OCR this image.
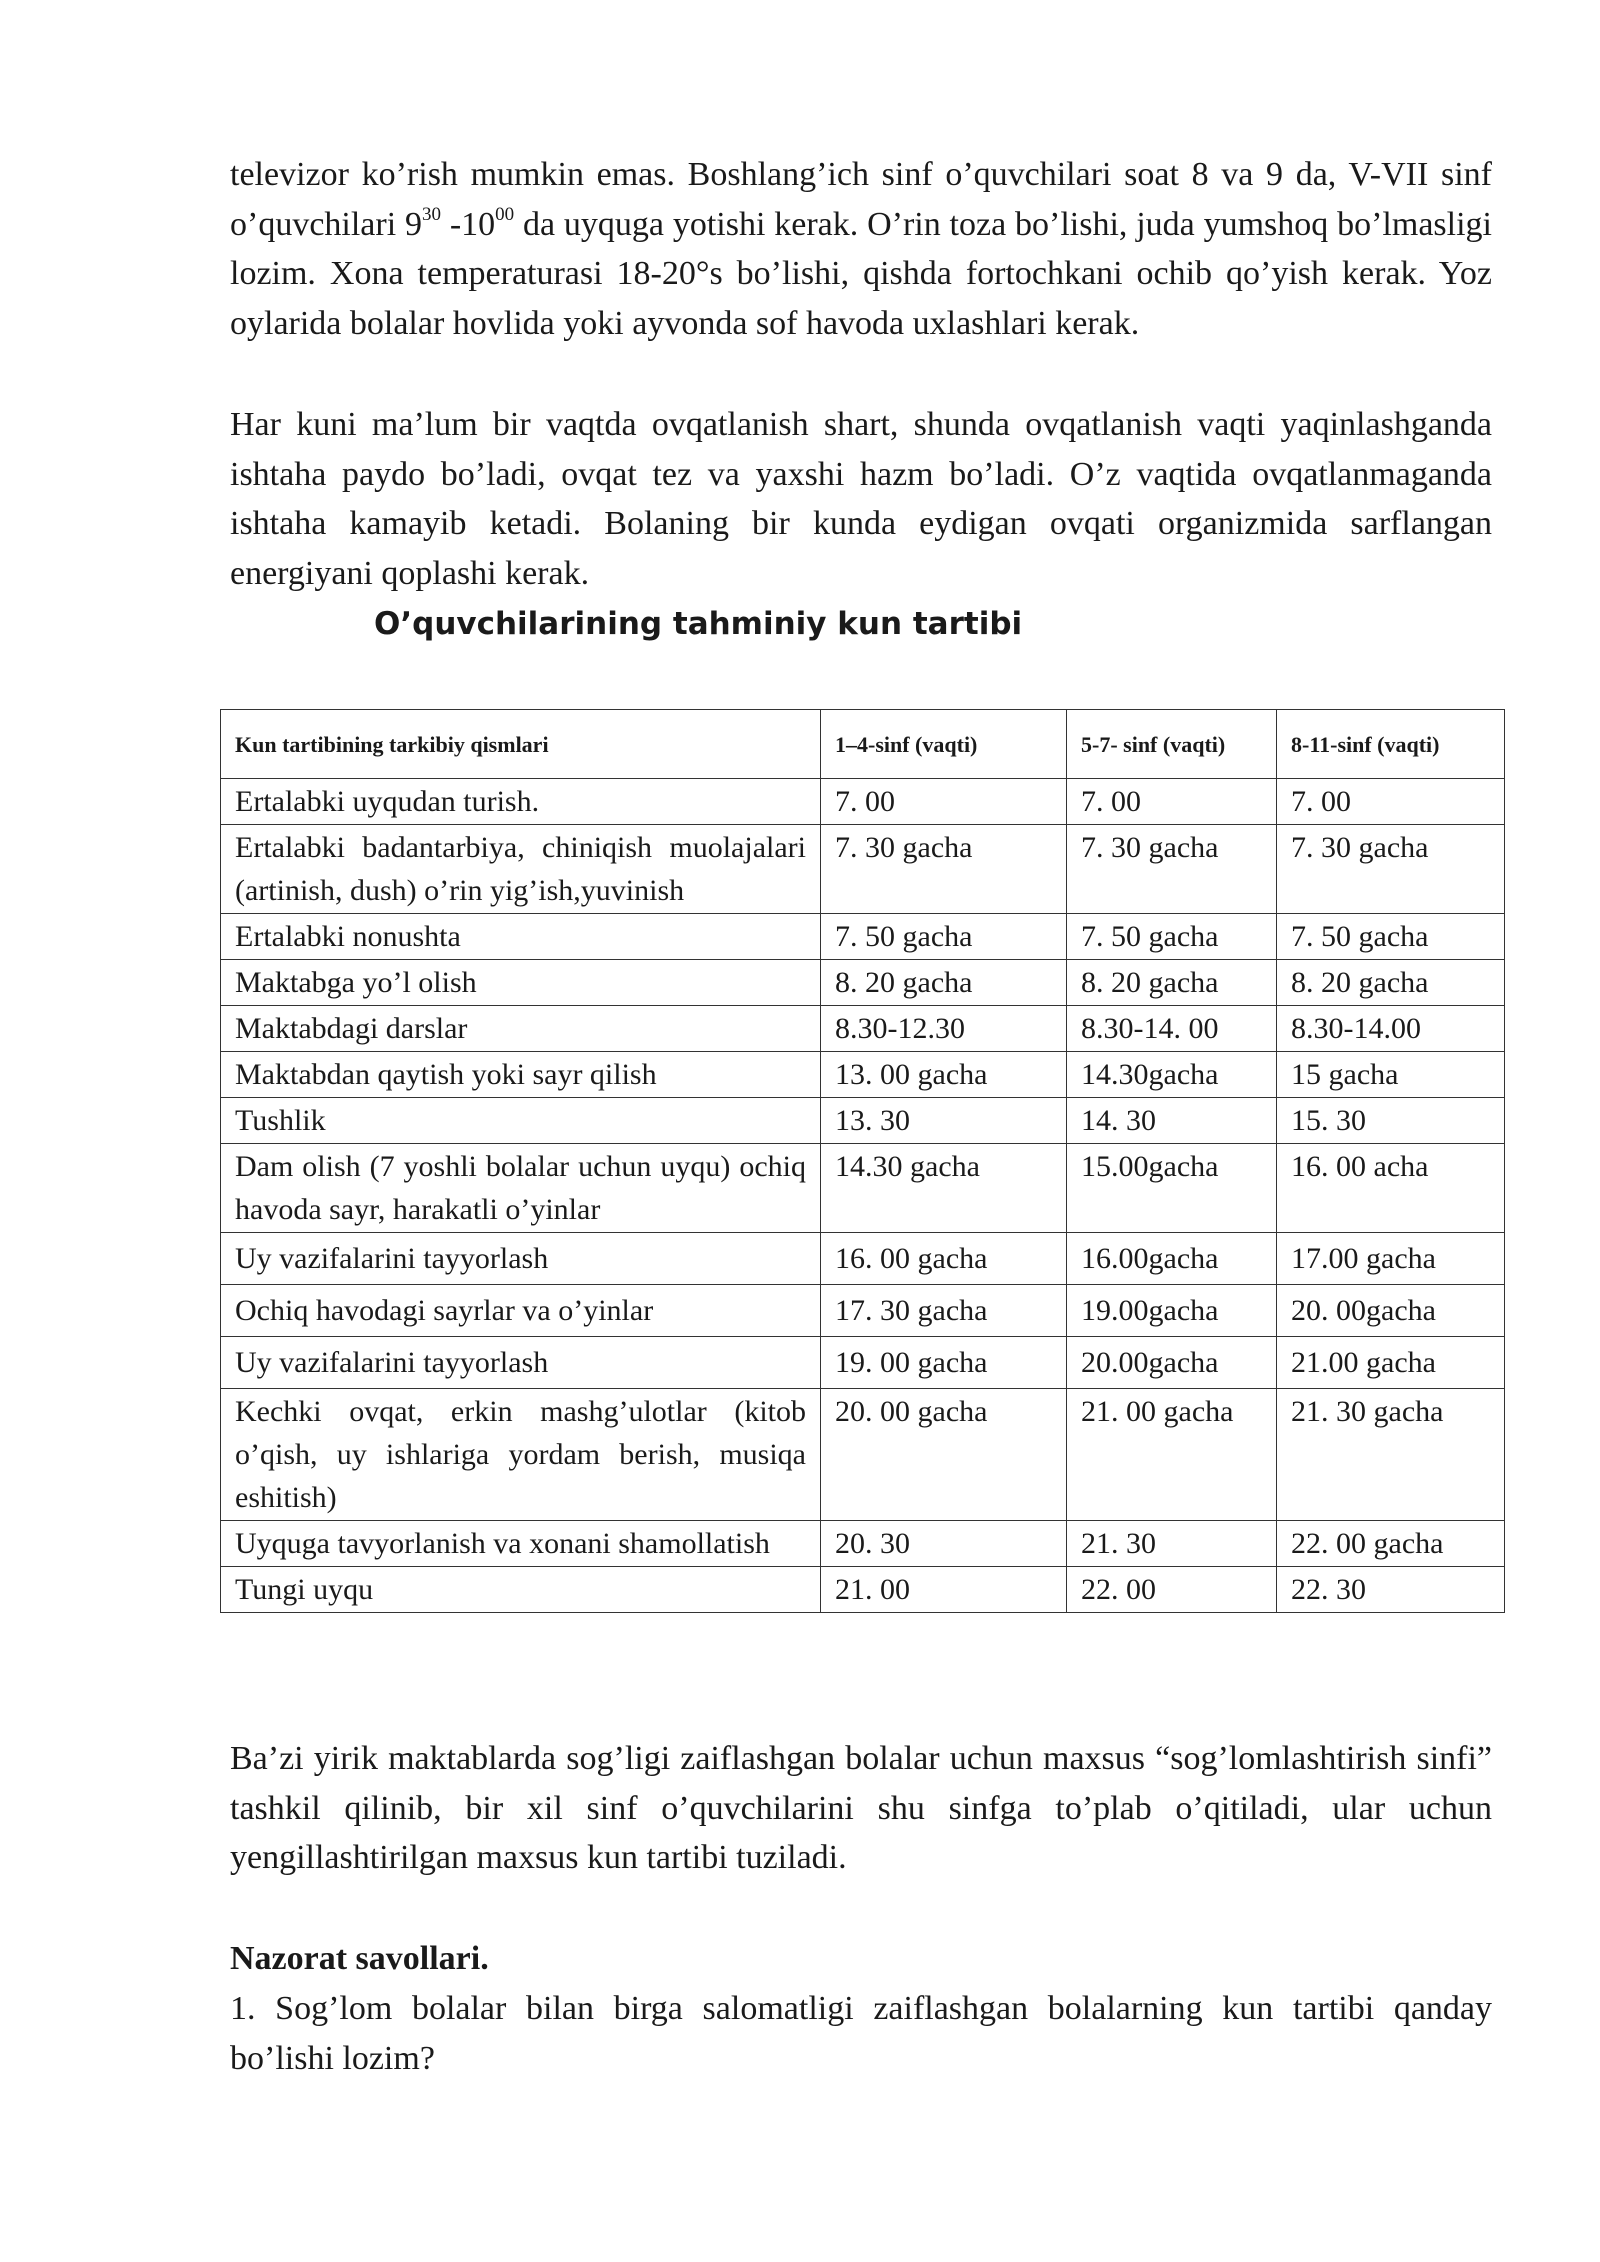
televizor ko’rish mumkin emas. Boshlang’ich sinf o’quvchilari soat 8 va 9 da, V-VII sinf o’quvchilari $9^{30}$ $-10^{00}$ da uyquga yotishi kerak. O’rin toza bo’lishi, juda yumshoq bo’lmasligi lozim. Xona temperaturasi 18-20°s bo’lishi, qishda fortochkani ochib qo’yish kerak. Yoz oylarida bolalar hovlida yoki ayvonda sof havoda uxlashlari kerak.

Har kuni ma’lum bir vaqtda ovqatlanish shart, shunda ovqatlanish vaqti yaqinlashganda ishtaha paydo bo’ladi, ovqat tez va yaxshi hazm bo’ladi. O’z vaqtida ovqatlanmaganda ishtaha kamayib ketadi. Bolaning bir kunda eydigan ovqati organizmida sarflangan energiyani qoplashi kerak.

O’quvchilarining tahminiy kun tartibi
Kun tartibining tarkibiy qismlari	1–4-sinf (vaqti)	5-7- sinf (vaqti)	8-11-sinf (vaqti)
Ertalabki uyqudan turish.	7. 00	7. 00	7. 00
Ertalabki badantarbiya, chiniqish muolajalari (artinish, dush) o’rin yig’ish,yuvinish	7. 30 gacha	7. 30 gacha	7. 30 gacha
Ertalabki nonushta	7. 50 gacha	7. 50 gacha	7. 50 gacha
Maktabga yo’l olish	8. 20 gacha	8. 20 gacha	8. 20 gacha
Maktabdagi darslar	8.30-12.30	8.30-14. 00	8.30-14.00
Maktabdan qaytish yoki sayr qilish	13. 00 gacha	14.30gacha	15 gacha
Tushlik	13. 30	14. 30	15. 30
Dam olish (7 yoshli bolalar uchun uyqu) ochiq havoda sayr, harakatli o’yinlar	14.30 gacha	15.00gacha	16. 00 acha
Uy vazifalarini tayyorlash	16. 00 gacha	16.00gacha	17.00 gacha
Ochiq havodagi sayrlar va o’yinlar	17. 30 gacha	19.00gacha	20. 00gacha
Uy vazifalarini tayyorlash	19. 00 gacha	20.00gacha	21.00 gacha
Kechki ovqat, erkin mashg’ulotlar (kitob o’qish, uy ishlariga yordam berish, musiqa eshitish)	20. 00 gacha	21. 00 gacha	21. 30 gacha
Uyquga tavyorlanish va xonani shamollatish	20. 30	21. 30	22. 00 gacha
Tungi uyqu	21. 00	22. 00	22. 30

Ba’zi yirik maktablarda sog’ligi zaiflashgan bolalar uchun maxsus “sog’lomlashtirish sinfi” tashkil qilinib, bir xil sinf o’quvchilarini shu sinfga to’plab o’qitiladi, ular uchun yengillashtirilgan maxsus kun tartibi tuziladi.

Nazorat savollari.

1. Sog’lom bolalar bilan birga salomatligi zaiflashgan bolalarning kun tartibi qanday bo’lishi lozim?
